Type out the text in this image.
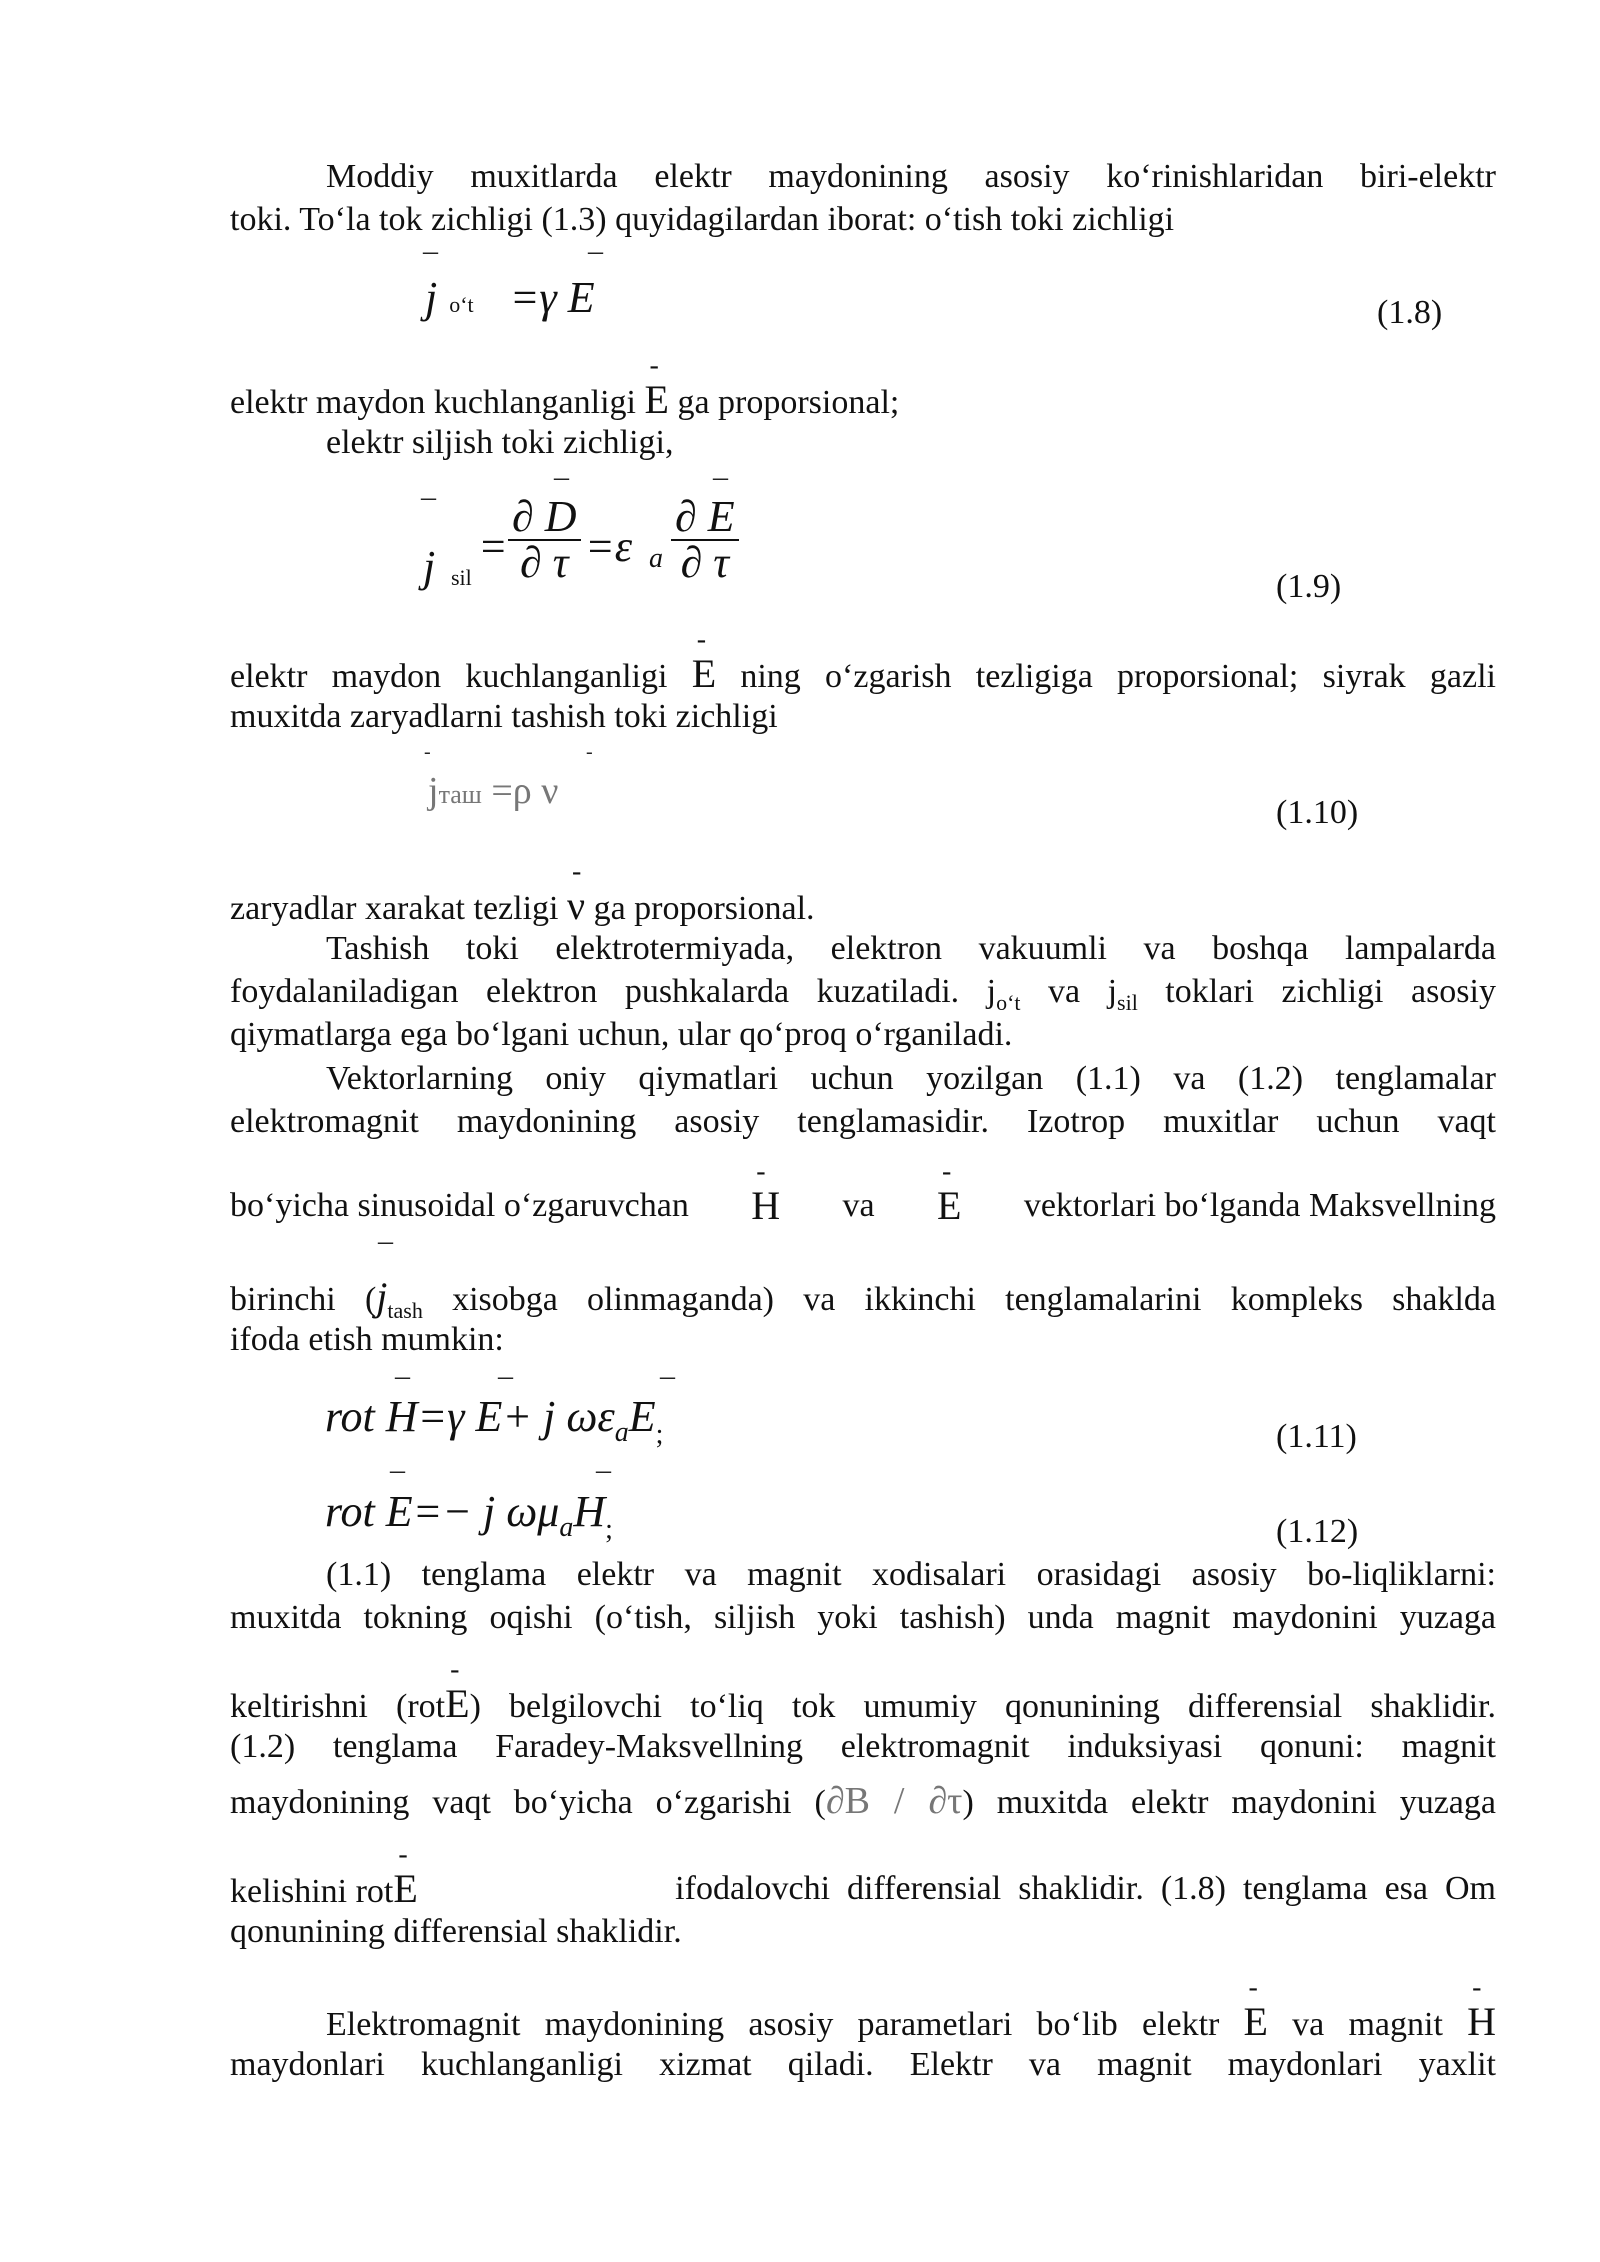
Moddiy muxitlarda elektr maydonining asosiy ko‘rinishlaridan biri-elektr
toki. To‘la tok zichligi (1.3) quyidagilardan iborat: o‘tish toki zichligi
–	–
jo‘t =γ E	(1.8)
elektr maydon kuchlanganligi - E ga proporsional;
elektr siljish toki zichligi,
–
–	–
j sil
= $\frac{\partial D}{\partial \tau} =\varepsilon$ a $\frac{\partial E}{\partial \tau}$
(1.9)
elektr maydon kuchlanganligi - E ning o‘zgarish tezligiga proporsional; siyrak gazli
muxitda zaryadlarni tashish toki zichligi
-	-
jташ =ρ ν
(1.10)
zaryadlar xarakat tezligi - ν ga proporsional.
Tashish toki elektrotermiyada, elektron vakuumli va boshqa lampalarda
foydalaniladigan elektron pushkalarda kuzatiladi. $j_{o‘t}$ va $j_{sil}$ toklari zichligi asosiy
qiymatlarga ega bo‘lgani uchun, ular qo‘proq o‘rganiladi.
Vektorlarning oniy qiymatlari uchun yozilgan (1.1) va (1.2) tenglamalar
elektromagnit maydonining asosiy tenglamasidir. Izotrop muxitlar uchun vaqt
bo‘yicha sinusoidal o‘zgaruvchan - H va - E vektorlari bo‘lganda Maksvellning
–
birinchi ($j_{tash}$ xisobga olinmaganda) va ikkinchi tenglamalarini kompleks shaklda
ifoda etish mumkin:
–	–	–
rot H=γ E+ j $\omega\varepsilon_aE_;$	(1.11)
–	–
rot E=− j $\omega\mu_aH_;$	(1.12)
(1.1) tenglama elektr va magnit xodisalari orasidagi asosiy bo-liqliklarni:
muxitda tokning oqishi (o‘tish, siljish yoki tashish) unda magnit maydonini yuzaga
keltirishni (rot- E) belgilovchi to‘liq tok umumiy qonunining differensial shaklidir.
(1.2) tenglama Faradey-Maksvellning elektromagnit induksiyasi qonuni: magnit
maydonining vaqt bo‘yicha o‘zgarishi (∂B / ∂τ) muxitda elektr maydonini yuzaga
kelishini rot- E	ifodalovchi  differensial  shaklidir.  (1.8)  tenglama  esa  Om
qonunining differensial shaklidir.
Elektromagnit maydonining asosiy parametlari bo‘lib elektr - E va magnit - H
maydonlari kuchlanganligi xizmat qiladi. Elektr va magnit maydonlari yaxlit
